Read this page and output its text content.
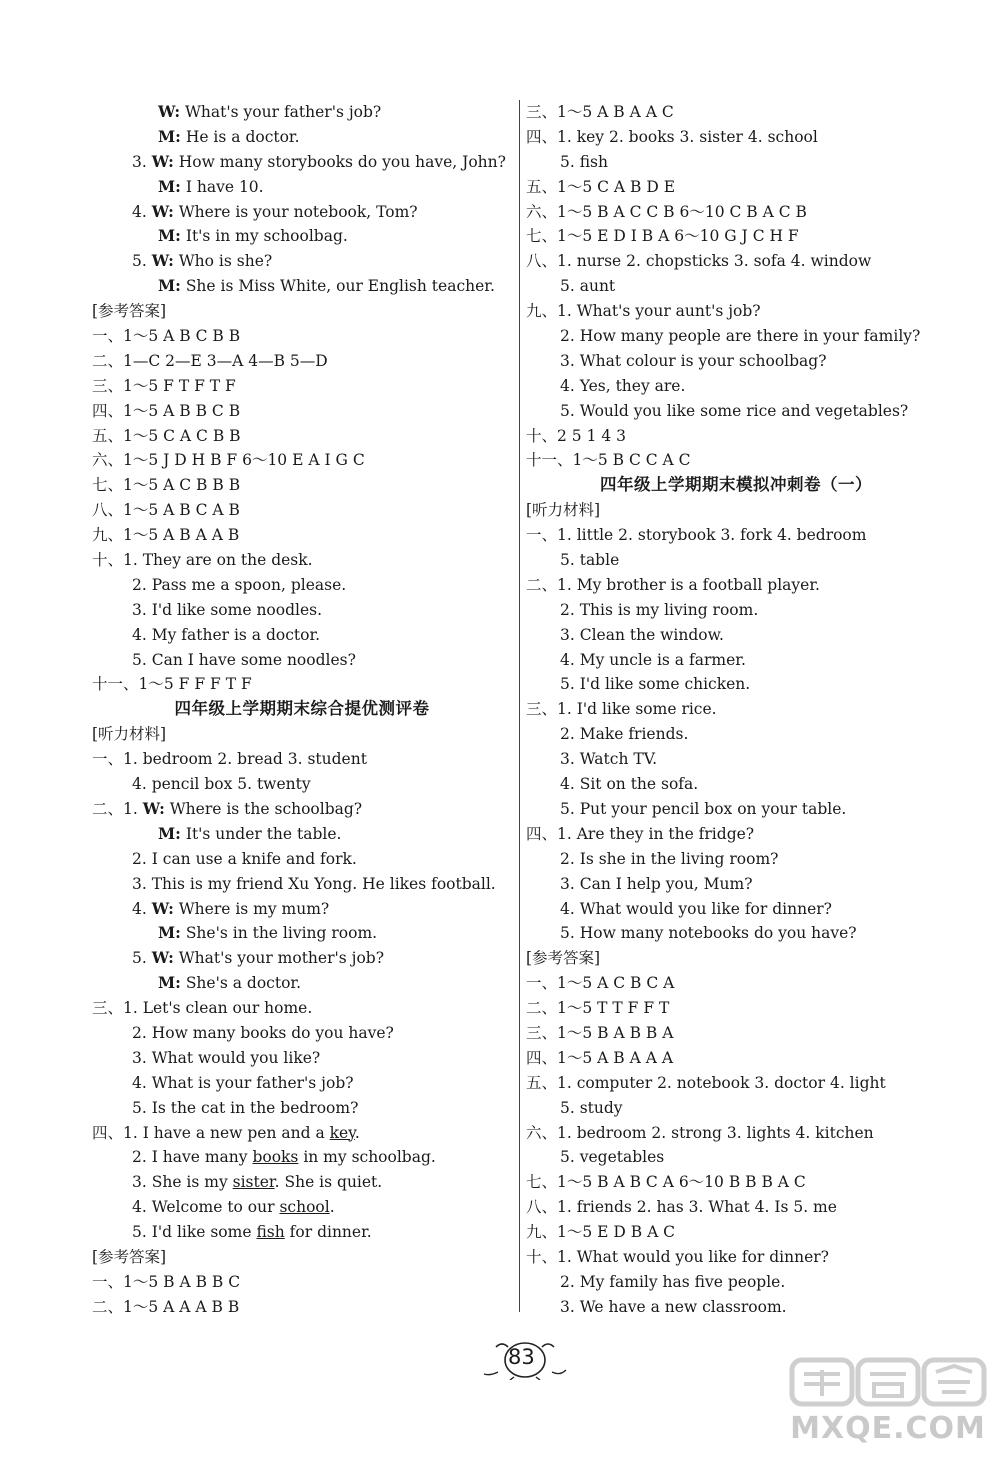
W: What's your father's job?
M: He is a doctor.
3. W: How many storybooks do you have, John?
M: I have 10.
4. W: Where is your notebook, Tom?
M: It's in my schoolbag.
5. W: Who is she?
M: She is Miss White, our English teacher.
[参考答案]
一、1～5 A B C B B
二、1—C 2—E 3—A 4—B 5—D
三、1～5 F T F T F
四、1～5 A B B C B
五、1～5 C A C B B
六、1～5 J D H B F 6～10 E A I G C
七、1～5 A C B B B
八、1～5 A B C A B
九、1～5 A B A A B
十、1. They are on the desk.
2. Pass me a spoon, please.
3. I'd like some noodles.
4. My father is a doctor.
5. Can I have some noodles?
十一、1～5 F F F T F
四年级上学期期末综合提优测评卷
[听力材料]
一、1. bedroom 2. bread 3. student
4. pencil box 5. twenty
二、1. W: Where is the schoolbag?
M: It's under the table.
2. I can use a knife and fork.
3. This is my friend Xu Yong. He likes football.
4. W: Where is my mum?
M: She's in the living room.
5. W: What's your mother's job?
M: She's a doctor.
三、1. Let's clean our home.
2. How many books do you have?
3. What would you like?
4. What is your father's job?
5. Is the cat in the bedroom?
四、1. I have a new pen and a key.
2. I have many books in my schoolbag.
3. She is my sister. She is quiet.
4. Welcome to our school.
5. I'd like some fish for dinner.
[参考答案]
一、1～5 B A B B C
二、1～5 A A A B B
三、1～5 A B A A C
四、1. key 2. books 3. sister 4. school
5. fish
五、1～5 C A B D E
六、1～5 B A C C B 6～10 C B A C B
七、1～5 E D I B A 6～10 G J C H F
八、1. nurse 2. chopsticks 3. sofa 4. window
5. aunt
九、1. What's your aunt's job?
2. How many people are there in your family?
3. What colour is your schoolbag?
4. Yes, they are.
5. Would you like some rice and vegetables?
十、2 5 1 4 3
十一、1～5 B C C A C
四年级上学期期末模拟冲刺卷（一）
[听力材料]
一、1. little 2. storybook 3. fork 4. bedroom
5. table
二、1. My brother is a football player.
2. This is my living room.
3. Clean the window.
4. My uncle is a farmer.
5. I'd like some chicken.
三、1. I'd like some rice.
2. Make friends.
3. Watch TV.
4. Sit on the sofa.
5. Put your pencil box on your table.
四、1. Are they in the fridge?
2. Is she in the living room?
3. Can I help you, Mum?
4. What would you like for dinner?
5. How many notebooks do you have?
[参考答案]
一、1～5 A C B C A
二、1～5 T T F F T
三、1～5 B A B B A
四、1～5 A B A A A
五、1. computer 2. notebook 3. doctor 4. light
5. study
六、1. bedroom 2. strong 3. lights 4. kitchen
5. vegetables
七、1～5 B A B C A 6～10 B B B A C
八、1. friends 2. has 3. What 4. Is 5. me
九、1～5 E D B A C
十、1. What would you like for dinner?
2. My family has five people.
3. We have a new classroom.
83
MXQE.COM
